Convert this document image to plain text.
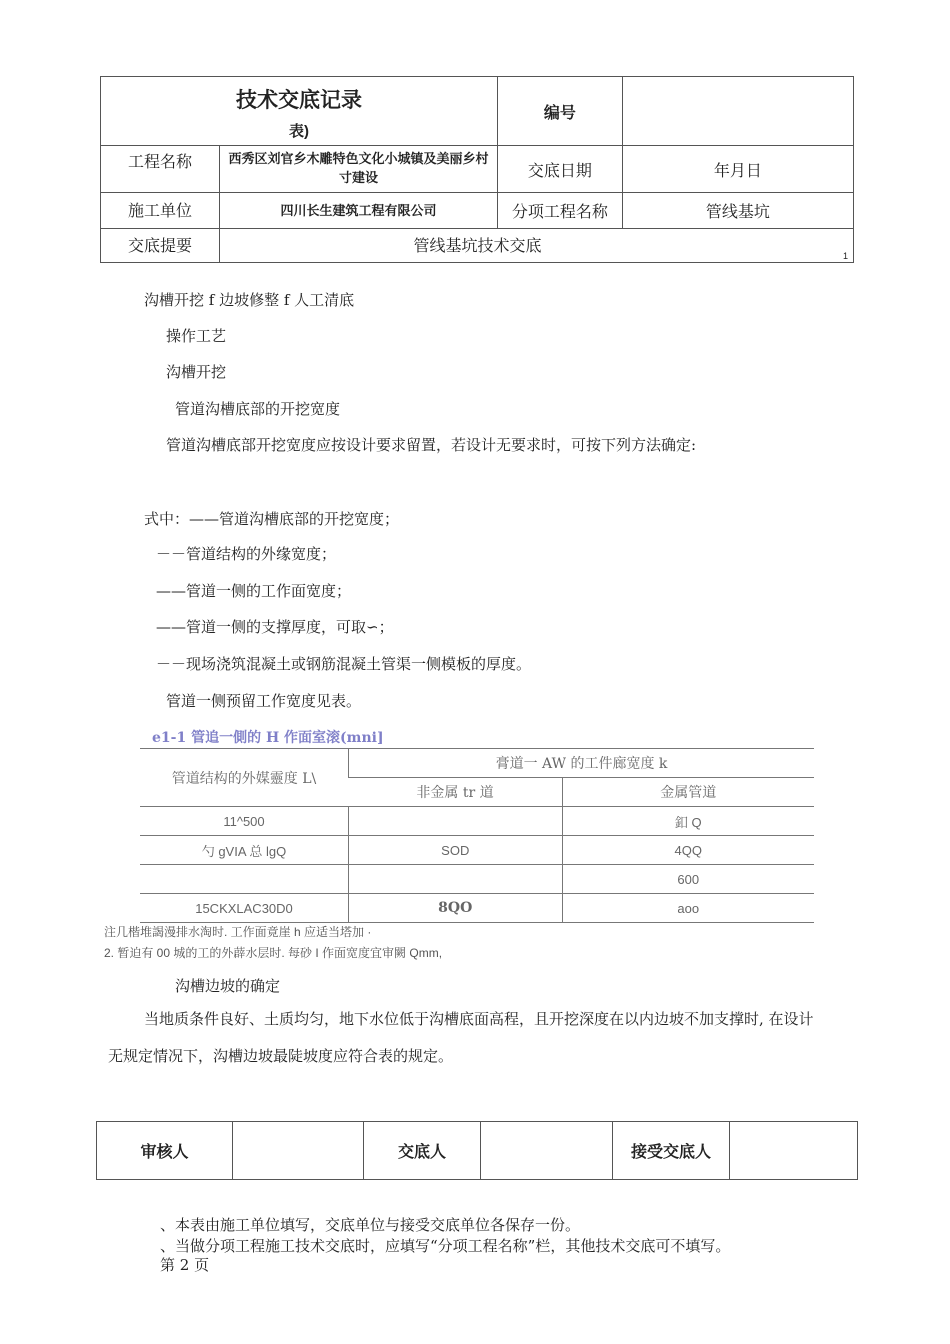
技术交底记录
表)	编号	

工程名称 西秀区刘官乡木雕特色文化小城镇及美丽乡村寸建设	交底日期	年月日

施工单位 四川长生建筑工程有限公司	分项工程名称	管线基坑

交底提要 管线基坑技术交底
1		
沟槽开挖 f 边坡修整 f 人工清底
操作工艺
沟槽开挖
管道沟槽底部的开挖宽度
管道沟槽底部开挖宽度应按设计要求留置，若设计无要求时，可按下列方法确定:
式中：——管道沟槽底部的开挖宽度；
－－管道结构的外缘宽度；
——管道一侧的工作面宽度；
——管道一侧的支撑厚度，可取∽；
－－现场浇筑混凝土或钢筋混凝土管渠一侧模板的厚度。
管道一侧预留工作宽度见表。
e1-1 管追一側的 H 作面室滚(mni]
管道结构的外媒靈度 L\	膏道一 AW 的工件廊宽度 k	
	非金属 tr 道	金属管道
11^500		釦 Q
勺 gVIA 总 lgQ	SOD	4QQ
		600
15CKXLAC30D0	8QO	aoo
注几楷堆謁漫排水淘时. 工作面竟崖 h 应适当塔加 ·
2. 暂迫有 00 城的工的外薜水层时. 每砂 I 作面宽度宜审闕 Qmm,
沟槽边坡的确定
当地质条件良好、土质均匀，地下水位低于沟槽底面高程，且开挖深度在以内边坡不加支撑时, 在设计
无规定情况下，沟槽边坡最陡坡度应符合表的规定。
审核人		交底人		接受交底人	
、本表由施工单位填写，交底单位与接受交底单位各保存一份。
、当做分项工程施工技术交底时，应填写“分项工程名称”栏，其他技术交底可不填写。
第 2 页
